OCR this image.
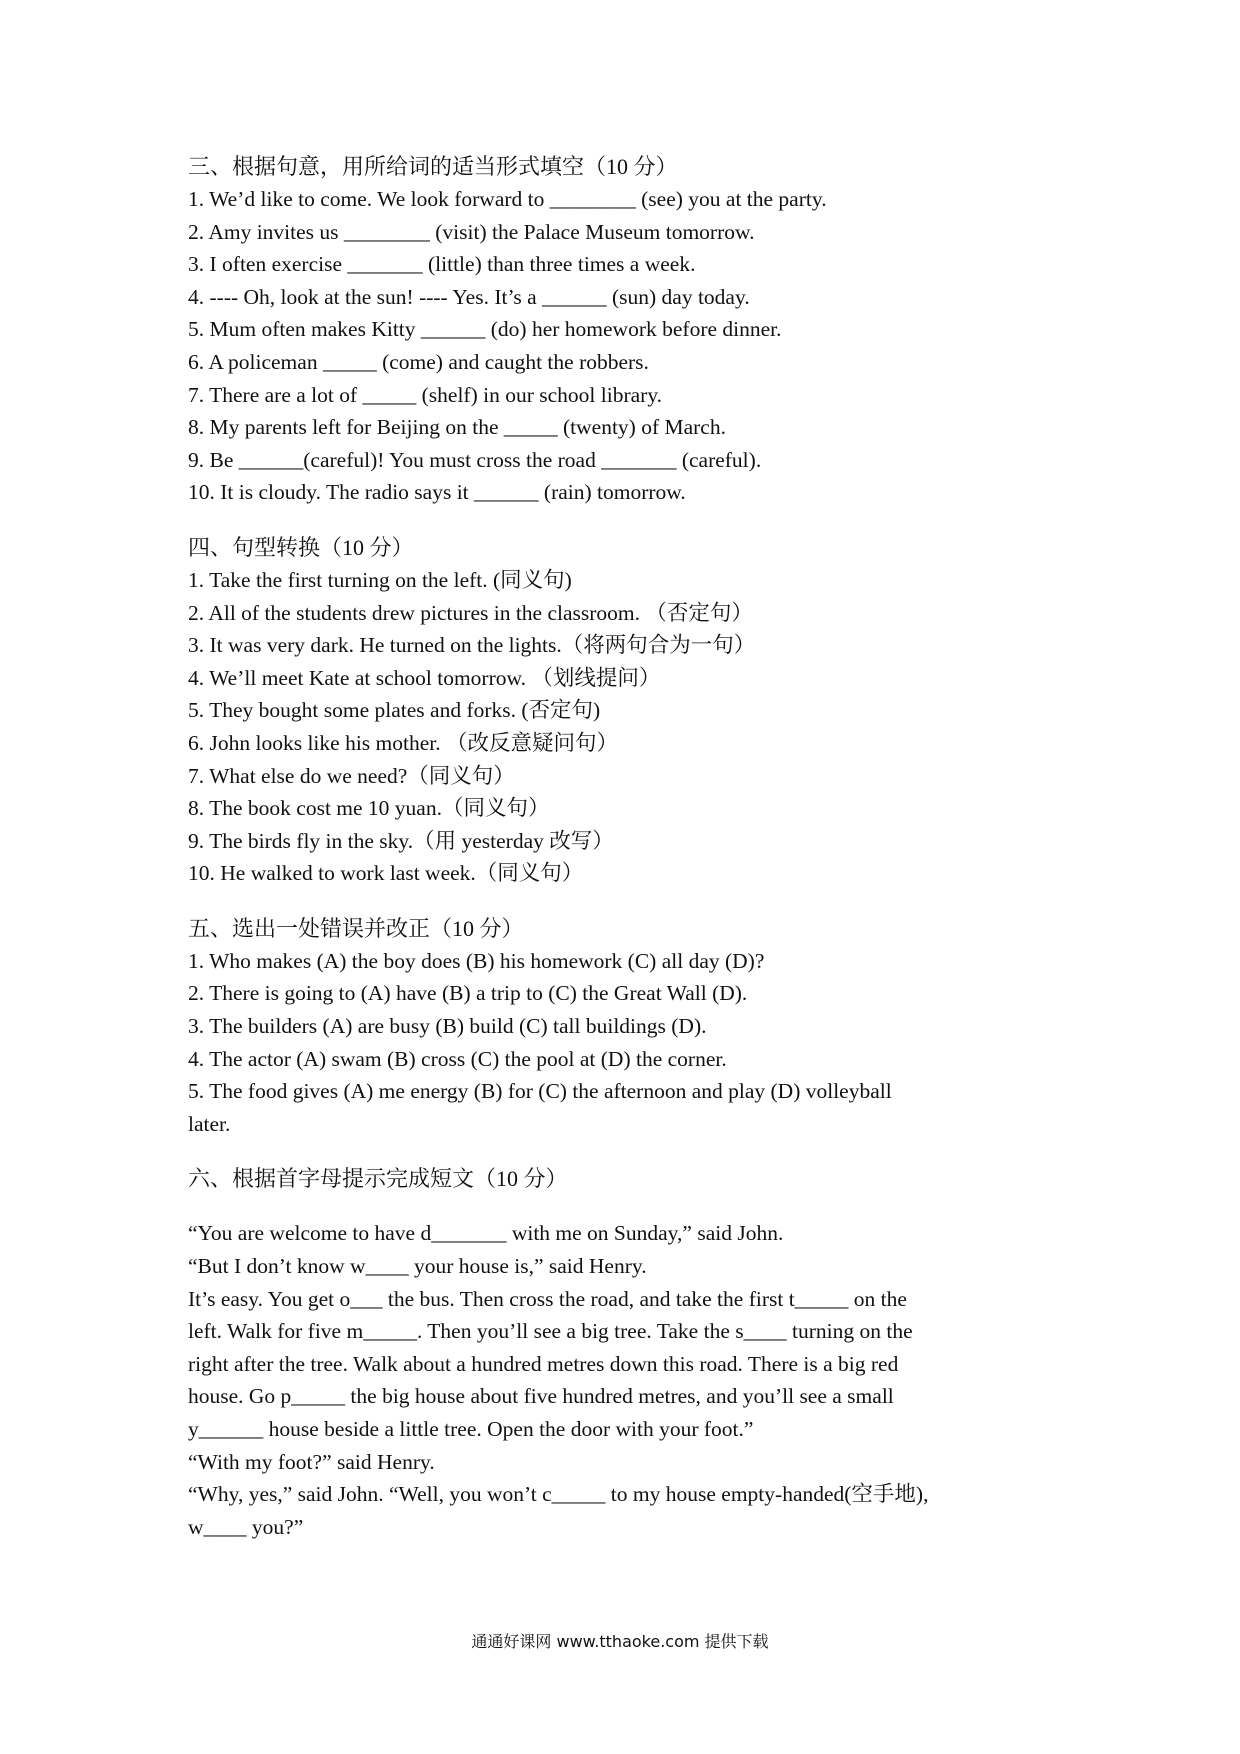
三、根据句意，用所给词的适当形式填空（10 分）

1. We’d like to come. We look forward to ________ (see) you at the party.

2. Amy invites us ________ (visit) the Palace Museum tomorrow.

3. I often exercise _______ (little) than three times a week.

4. ---- Oh, look at the sun! ---- Yes. It’s a ______ (sun) day today.

5. Mum often makes Kitty ______ (do) her homework before dinner.

6. A policeman _____ (come) and caught the robbers.

7. There are a lot of _____ (shelf) in our school library.

8. My parents left for Beijing on the _____ (twenty) of March.

9. Be ______(careful)! You must cross the road _______ (careful).

10. It is cloudy. The radio says it ______ (rain) tomorrow.

四、句型转换（10 分）

1. Take the first turning on the left. (同义句)

2. All of the students drew pictures in the classroom. （否定句）

3. It was very dark. He turned on the lights.（将两句合为一句）

4. We’ll meet Kate at school tomorrow. （划线提问）

5. They bought some plates and forks. (否定句)

6. John looks like his mother. （改反意疑问句）

7. What else do we need?（同义句）

8. The book cost me 10 yuan.（同义句）

9. The birds fly in the sky.（用 yesterday 改写）

10. He walked to work last week.（同义句）

五、选出一处错误并改正（10 分）

1. Who makes (A) the boy does (B) his homework (C) all day (D)?

2. There is going to (A) have (B) a trip to (C) the Great Wall (D).

3. The builders (A) are busy (B) build (C) tall buildings (D).

4. The actor (A) swam (B) cross (C) the pool at (D) the corner.

5. The food gives (A) me energy (B) for (C) the afternoon and play (D) volleyball

later.

六、根据首字母提示完成短文（10 分）

“You are welcome to have d_______ with me on Sunday,” said John.

“But I don’t know w____ your house is,” said Henry.

It’s easy. You get o___ the bus. Then cross the road, and take the first t_____ on the

left. Walk for five m_____. Then you’ll see a big tree. Take the s____ turning on the

right after the tree. Walk about a hundred metres down this road. There is a big red

house. Go p_____ the big house about five hundred metres, and you’ll see a small

y______ house beside a little tree. Open the door with your foot.”

“With my foot?” said Henry.

“Why, yes,” said John. “Well, you won’t c_____ to my house empty-handed(空手地),

w____ you?”

通通好课网 www.tthaoke.com 提供下载
